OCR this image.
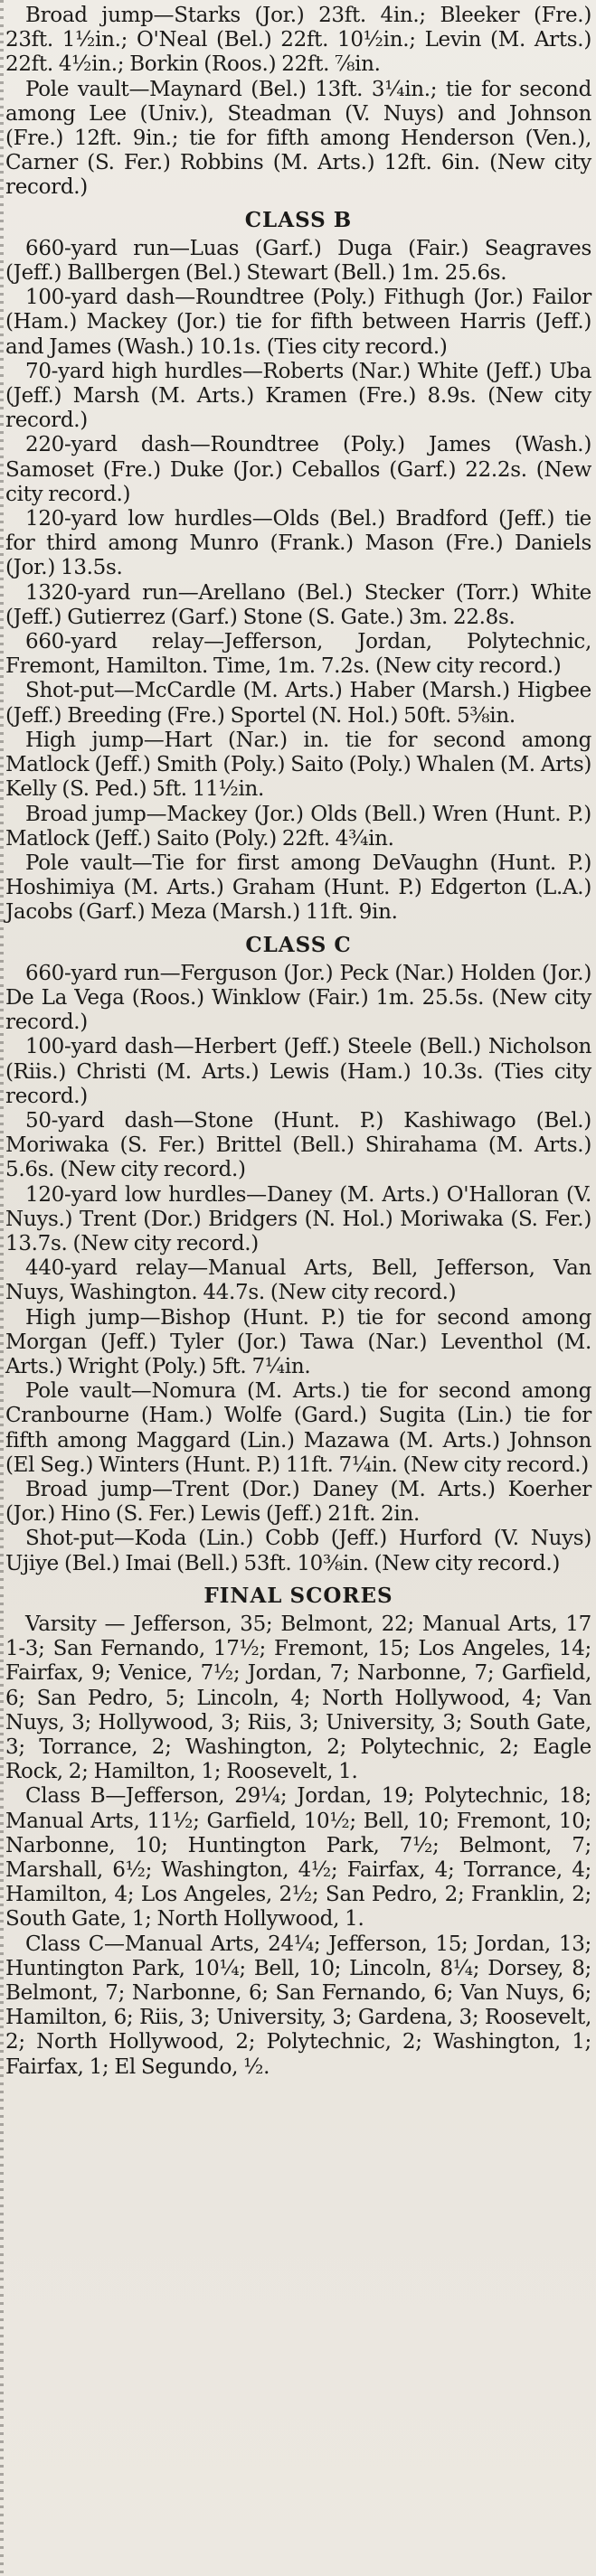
Broad jump—Starks (Jor.) 23ft. 4in.; Bleeker (Fre.) 23ft. 1½in.; O'Neal (Bel.) 22ft. 10½in.; Levin (M. Arts.) 22ft. 4½in.; Borkin (Roos.) 22ft. ⅞in.

Pole vault—Maynard (Bel.) 13ft. 3¼in.; tie for second among Lee (Univ.), Steadman (V. Nuys) and Johnson (Fre.) 12ft. 9in.; tie for fifth among Henderson (Ven.), Carner (S. Fer.) Robbins (M. Arts.) 12ft. 6in. (New city record.)

CLASS B

660-yard run—Luas (Garf.) Duga (Fair.) Seagraves (Jeff.) Ballbergen (Bel.) Stewart (Bell.) 1m. 25.6s.

100-yard dash—Roundtree (Poly.) Fithugh (Jor.) Failor (Ham.) Mackey (Jor.) tie for fifth between Harris (Jeff.) and James (Wash.) 10.1s. (Ties city record.)

70-yard high hurdles—Roberts (Nar.) White (Jeff.) Uba (Jeff.) Marsh (M. Arts.) Kramen (Fre.) 8.9s. (New city record.)

220-yard dash—Roundtree (Poly.) James (Wash.) Samoset (Fre.) Duke (Jor.) Ceballos (Garf.) 22.2s. (New city record.)

120-yard low hurdles—Olds (Bel.) Bradford (Jeff.) tie for third among Munro (Frank.) Mason (Fre.) Daniels (Jor.) 13.5s.

1320-yard run—Arellano (Bel.) Stecker (Torr.) White (Jeff.) Gutierrez (Garf.) Stone (S. Gate.) 3m. 22.8s.

660-yard relay—Jefferson, Jordan, Polytechnic, Fremont, Hamilton. Time, 1m. 7.2s. (New city record.)

Shot-put—McCardle (M. Arts.) Haber (Marsh.) Higbee (Jeff.) Breeding (Fre.) Sportel (N. Hol.) 50ft. 5⅜in.

High jump—Hart (Nar.) in. tie for second among Matlock (Jeff.) Smith (Poly.) Saito (Poly.) Whalen (M. Arts) Kelly (S. Ped.) 5ft. 11½in.

Broad jump—Mackey (Jor.) Olds (Bell.) Wren (Hunt. P.) Matlock (Jeff.) Saito (Poly.) 22ft. 4¾in.

Pole vault—Tie for first among DeVaughn (Hunt. P.) Hoshimiya (M. Arts.) Graham (Hunt. P.) Edgerton (L.A.) Jacobs (Garf.) Meza (Marsh.) 11ft. 9in.

CLASS C

660-yard run—Ferguson (Jor.) Peck (Nar.) Holden (Jor.) De La Vega (Roos.) Winklow (Fair.) 1m. 25.5s. (New city record.)

100-yard dash—Herbert (Jeff.) Steele (Bell.) Nicholson (Riis.) Christi (M. Arts.) Lewis (Ham.) 10.3s. (Ties city record.)

50-yard dash—Stone (Hunt. P.) Kashiwago (Bel.) Moriwaka (S. Fer.) Brittel (Bell.) Shirahama (M. Arts.) 5.6s. (New city record.)

120-yard low hurdles—Daney (M. Arts.) O'Halloran (V. Nuys.) Trent (Dor.) Bridgers (N. Hol.) Moriwaka (S. Fer.) 13.7s. (New city record.)

440-yard relay—Manual Arts, Bell, Jefferson, Van Nuys, Washington. 44.7s. (New city record.)

High jump—Bishop (Hunt. P.) tie for second among Morgan (Jeff.) Tyler (Jor.) Tawa (Nar.) Leventhol (M. Arts.) Wright (Poly.) 5ft. 7¼in.

Pole vault—Nomura (M. Arts.) tie for second among Cranbourne (Ham.) Wolfe (Gard.) Sugita (Lin.) tie for fifth among Maggard (Lin.) Mazawa (M. Arts.) Johnson (El Seg.) Winters (Hunt. P.) 11ft. 7¼in. (New city record.)

Broad jump—Trent (Dor.) Daney (M. Arts.) Koerher (Jor.) Hino (S. Fer.) Lewis (Jeff.) 21ft. 2in.

Shot-put—Koda (Lin.) Cobb (Jeff.) Hurford (V. Nuys) Ujiye (Bel.) Imai (Bell.) 53ft. 10⅜in. (New city record.)

FINAL SCORES

Varsity — Jefferson, 35; Belmont, 22; Manual Arts, 17 1-3; San Fernando, 17½; Fremont, 15; Los Angeles, 14; Fairfax, 9; Venice, 7½; Jordan, 7; Narbonne, 7; Garfield, 6; San Pedro, 5; Lincoln, 4; North Hollywood, 4; Van Nuys, 3; Hollywood, 3; Riis, 3; University, 3; South Gate, 3; Torrance, 2; Washington, 2; Polytechnic, 2; Eagle Rock, 2; Hamilton, 1; Roosevelt, 1.

Class B—Jefferson, 29¼; Jordan, 19; Polytechnic, 18; Manual Arts, 11½; Garfield, 10½; Bell, 10; Fremont, 10; Narbonne, 10; Huntington Park, 7½; Belmont, 7; Marshall, 6½; Washington, 4½; Fairfax, 4; Torrance, 4; Hamilton, 4; Los Angeles, 2½; San Pedro, 2; Franklin, 2; South Gate, 1; North Hollywood, 1.

Class C—Manual Arts, 24¼; Jefferson, 15; Jordan, 13; Huntington Park, 10¼; Bell, 10; Lincoln, 8¼; Dorsey, 8; Belmont, 7; Narbonne, 6; San Fernando, 6; Van Nuys, 6; Hamilton, 6; Riis, 3; University, 3; Gardena, 3; Roosevelt, 2; North Hollywood, 2; Polytechnic, 2; Washington, 1; Fairfax, 1; El Segundo, ½.
